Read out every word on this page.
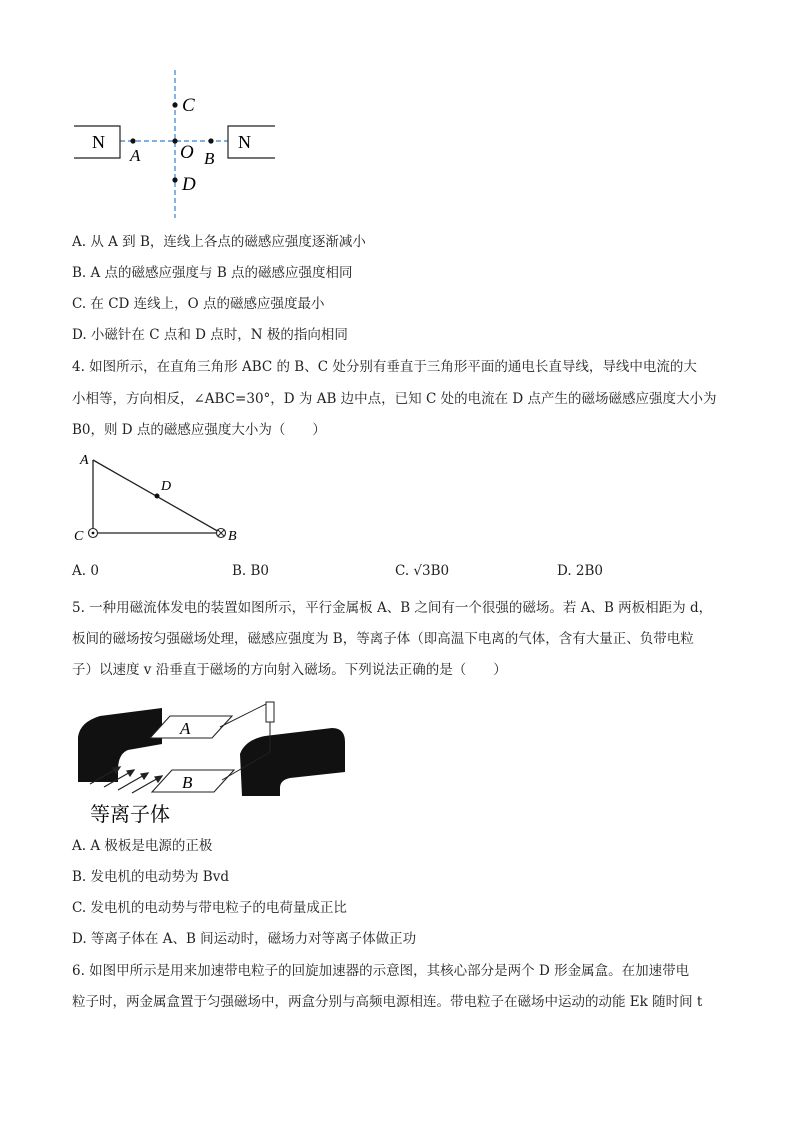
N	N
A O B
C
D
A. 从 A 到 B，连线上各点的磁感应强度逐渐减小
B. A 点的磁感应强度与 B 点的磁感应强度相同
C. 在 CD 连线上，O 点的磁感应强度最小
D. 小磁针在 C 点和 D 点时，N 极的指向相同
4. 如图所示，在直角三角形 ABC 的 B、C 处分别有垂直于三角形平面的通电长直导线，导线中电流的大
小相等，方向相反，∠ABC=30°，D 为 AB 边中点，已知 C 处的电流在 D 点产生的磁场磁感应强度大小为
B0，则 D 点的磁感应强度大小为（　　）
A
D
C	B
A. 0	B. B0	C. √3B0	D. 2B0
5. 一种用磁流体发电的装置如图所示，平行金属板 A、B 之间有一个很强的磁场。若 A、B 两板相距为 d，
板间的磁场按匀强磁场处理，磁感应强度为 B，等离子体（即高温下电离的气体，含有大量正、负带电粒
子）以速度 v 沿垂直于磁场的方向射入磁场。下列说法正确的是（　　）
A
B
等离子体
A. A 极板是电源的正极
B. 发电机的电动势为 Bvd
C. 发电机的电动势与带电粒子的电荷量成正比
D. 等离子体在 A、B 间运动时，磁场力对等离子体做正功
6. 如图甲所示是用来加速带电粒子的回旋加速器的示意图，其核心部分是两个 D 形金属盒。在加速带电
粒子时，两金属盒置于匀强磁场中，两盒分别与高频电源相连。带电粒子在磁场中运动的动能 Ek 随时间 t
